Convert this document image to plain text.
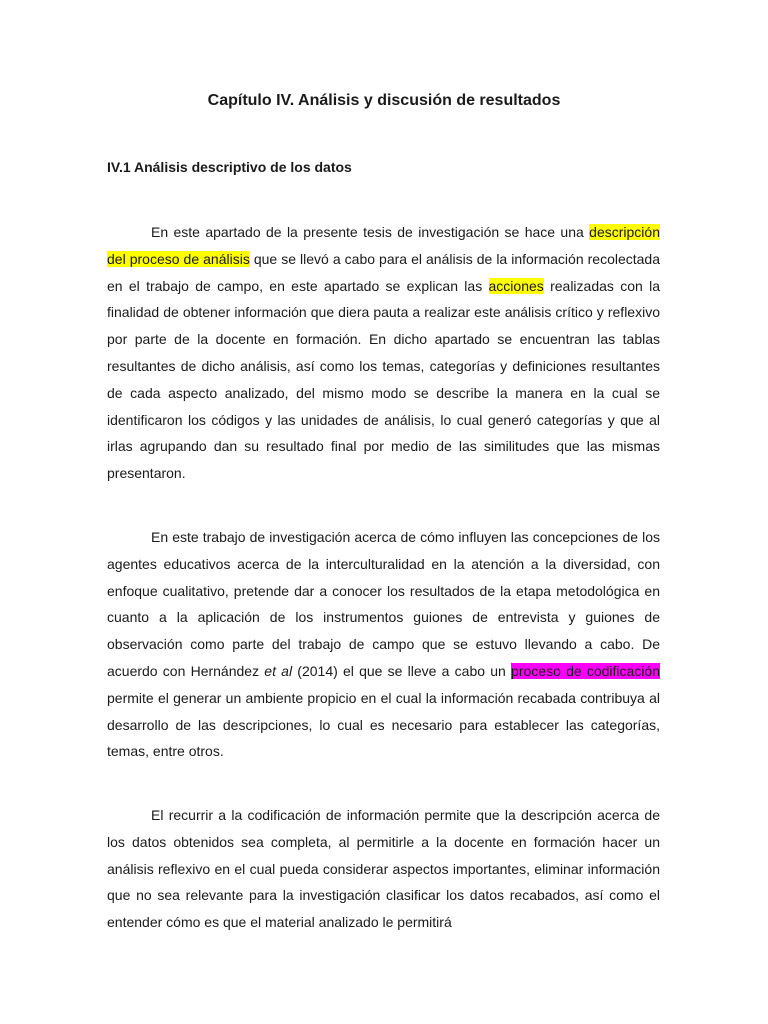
Capítulo IV. Análisis y discusión de resultados
IV.1 Análisis descriptivo de los datos

En este apartado de la presente tesis de investigación se hace una descripción del proceso de análisis que se llevó a cabo para el análisis de la información recolectada en el trabajo de campo, en este apartado se explican las acciones realizadas con la finalidad de obtener información que diera pauta a realizar este análisis crítico y reflexivo por parte de la docente en formación. En dicho apartado se encuentran las tablas resultantes de dicho análisis, así como los temas, categorías y definiciones resultantes de cada aspecto analizado, del mismo modo se describe la manera en la cual se identificaron los códigos y las unidades de análisis, lo cual generó categorías y que al irlas agrupando dan su resultado final por medio de las similitudes que las mismas presentaron.

En este trabajo de investigación acerca de cómo influyen las concepciones de los agentes educativos acerca de la interculturalidad en la atención a la diversidad, con enfoque cualitativo, pretende dar a conocer los resultados de la etapa metodológica en cuanto a la aplicación de los instrumentos guiones de entrevista y guiones de observación como parte del trabajo de campo que se estuvo llevando a cabo. De acuerdo con Hernández et al (2014) el que se lleve a cabo un proceso de codificación permite el generar un ambiente propicio en el cual la información recabada contribuya al desarrollo de las descripciones, lo cual es necesario para establecer las categorías, temas, entre otros.

El recurrir a la codificación de información permite que la descripción acerca de los datos obtenidos sea completa, al permitirle a la docente en formación hacer un análisis reflexivo en el cual pueda considerar aspectos importantes, eliminar información que no sea relevante para la investigación clasificar los datos recabados, así como el entender cómo es que el material analizado le permitirá
